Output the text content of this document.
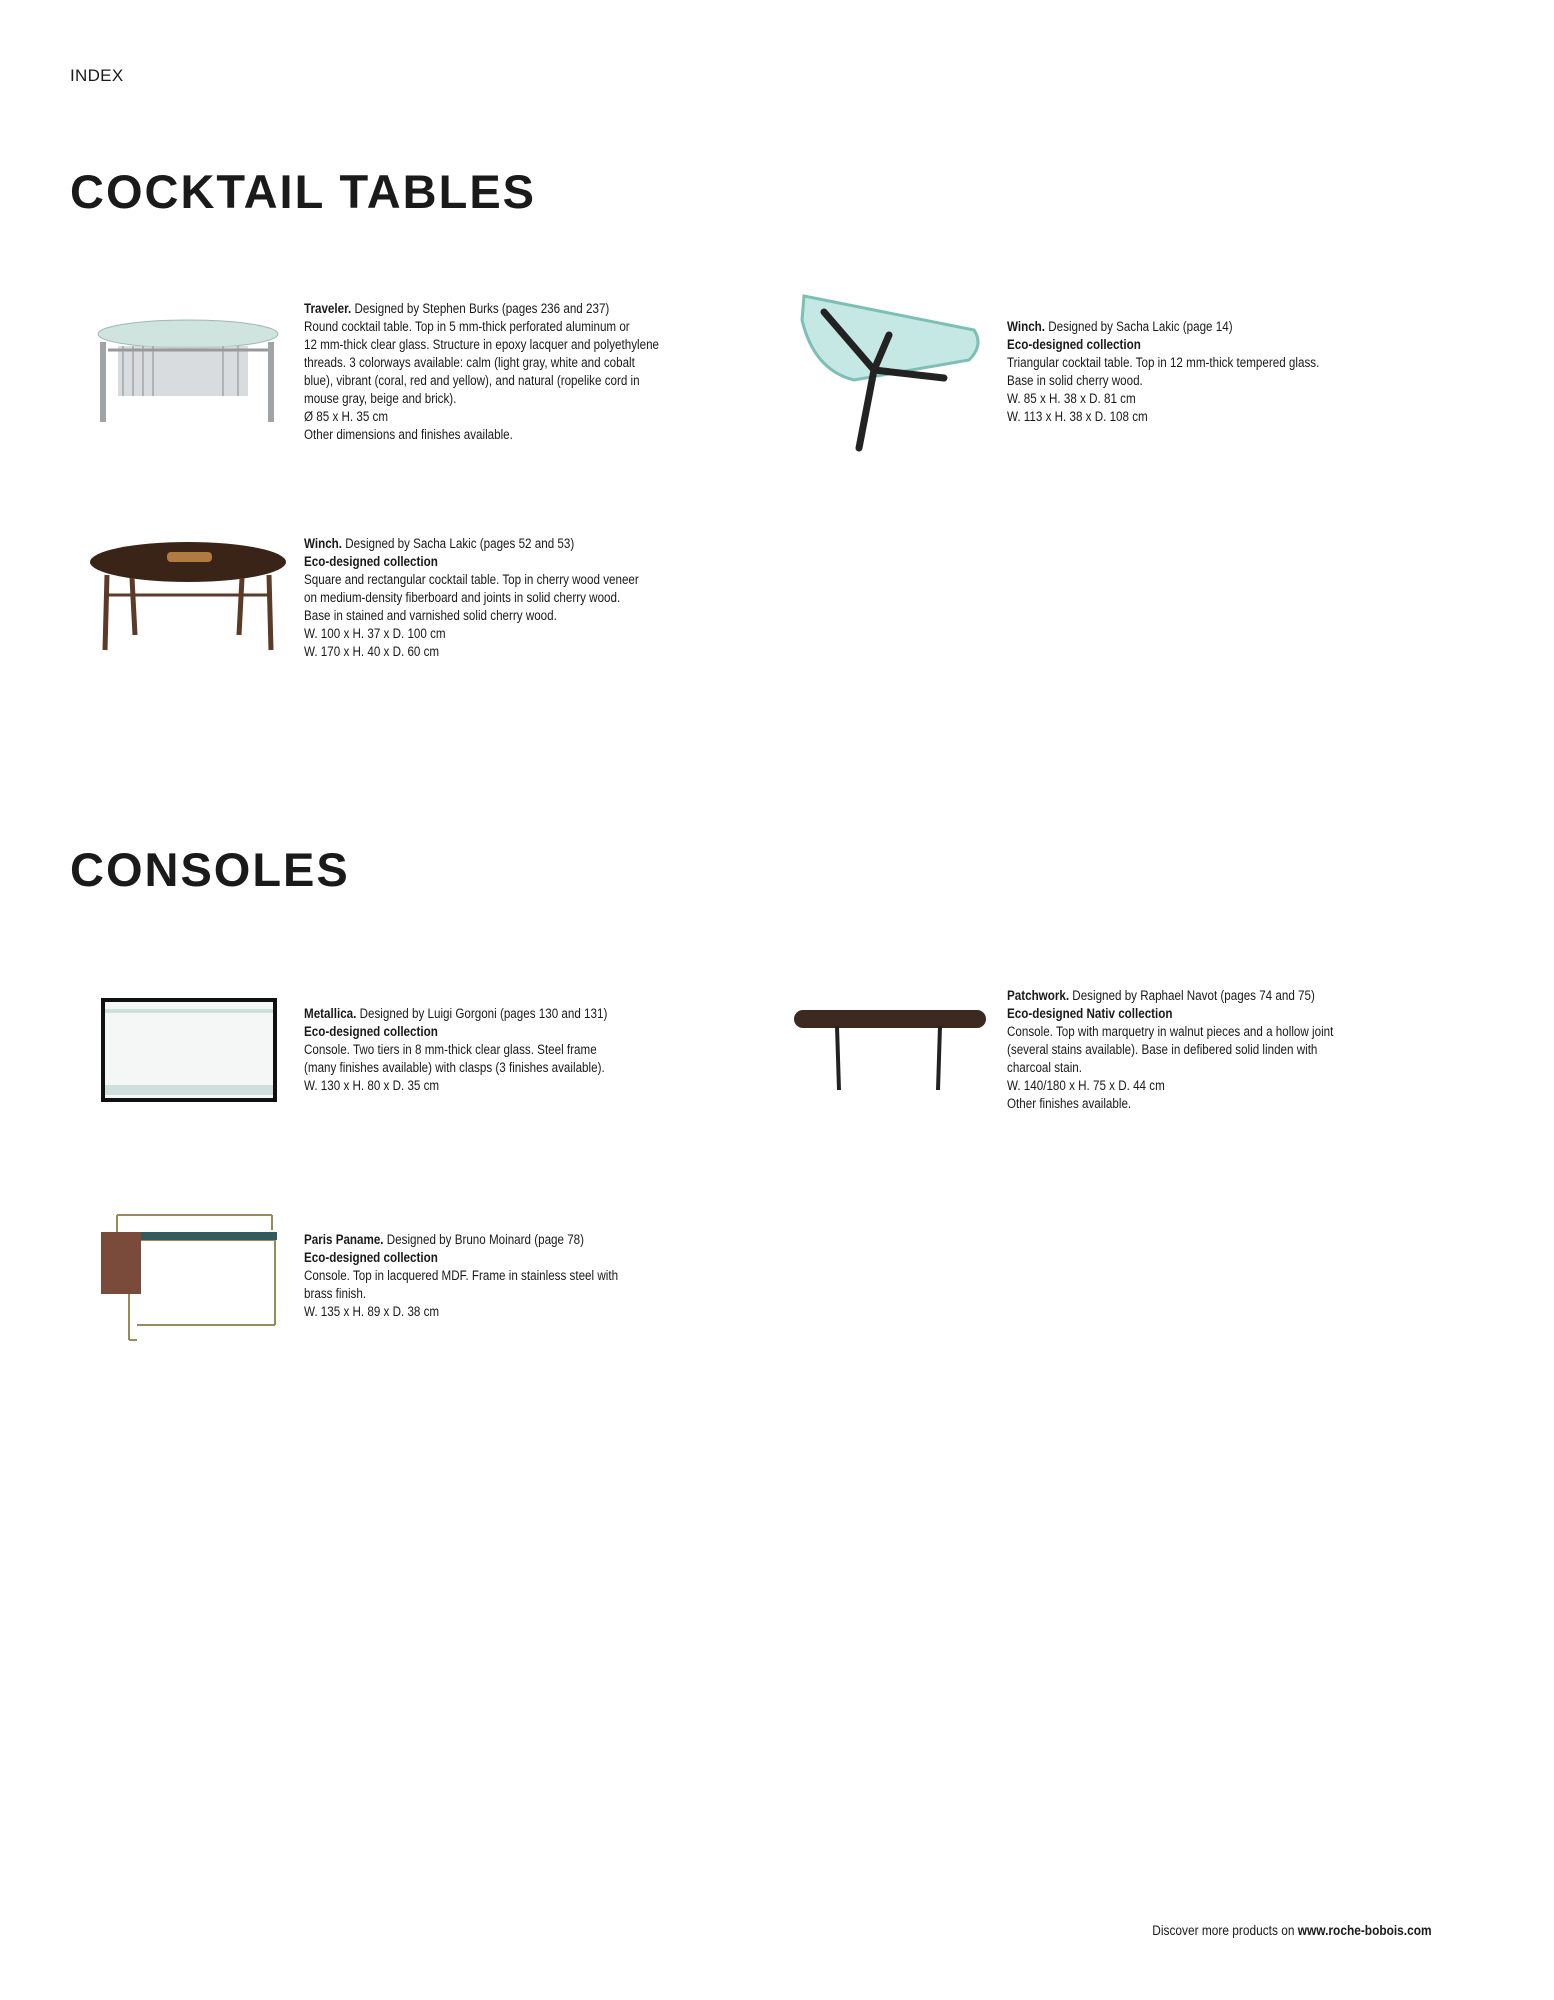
INDEX
COCKTAIL TABLES
CONSOLES
Traveler. Designed by Stephen Burks (pages 236 and 237)
Round cocktail table. Top in 5 mm-thick perforated aluminum or
12 mm-thick clear glass. Structure in epoxy lacquer and polyethylene
threads. 3 colorways available: calm (light gray, white and cobalt
blue), vibrant (coral, red and yellow), and natural (ropelike cord in
mouse gray, beige and brick).
Ø 85 x H. 35 cm
Other dimensions and finishes available.
Winch. Designed by Sacha Lakic (page 14)
Eco-designed collection
Triangular cocktail table. Top in 12 mm-thick tempered glass.
Base in solid cherry wood.
W. 85 x H. 38 x D. 81 cm
W. 113 x H. 38 x D. 108 cm
Winch. Designed by Sacha Lakic (pages 52 and 53)
Eco-designed collection
Square and rectangular cocktail table. Top in cherry wood veneer
on medium-density fiberboard and joints in solid cherry wood.
Base in stained and varnished solid cherry wood.
W. 100 x H. 37 x D. 100 cm
W. 170 x H. 40 x D. 60 cm
Metallica. Designed by Luigi Gorgoni (pages 130 and 131)
Eco-designed collection
Console. Two tiers in 8 mm-thick clear glass. Steel frame
(many finishes available) with clasps (3 finishes available).
W. 130 x H. 80 x D. 35 cm
Patchwork. Designed by Raphael Navot (pages 74 and 75)
Eco-designed Nativ collection
Console. Top with marquetry in walnut pieces and a hollow joint
(several stains available). Base in defibered solid linden with
charcoal stain.
W. 140/180 x H. 75 x D. 44 cm
Other finishes available.
Paris Paname. Designed by Bruno Moinard (page 78)
Eco-designed collection
Console. Top in lacquered MDF. Frame in stainless steel with
brass finish.
W. 135 x H. 89 x D. 38 cm
Discover more products on www.roche-bobois.com
